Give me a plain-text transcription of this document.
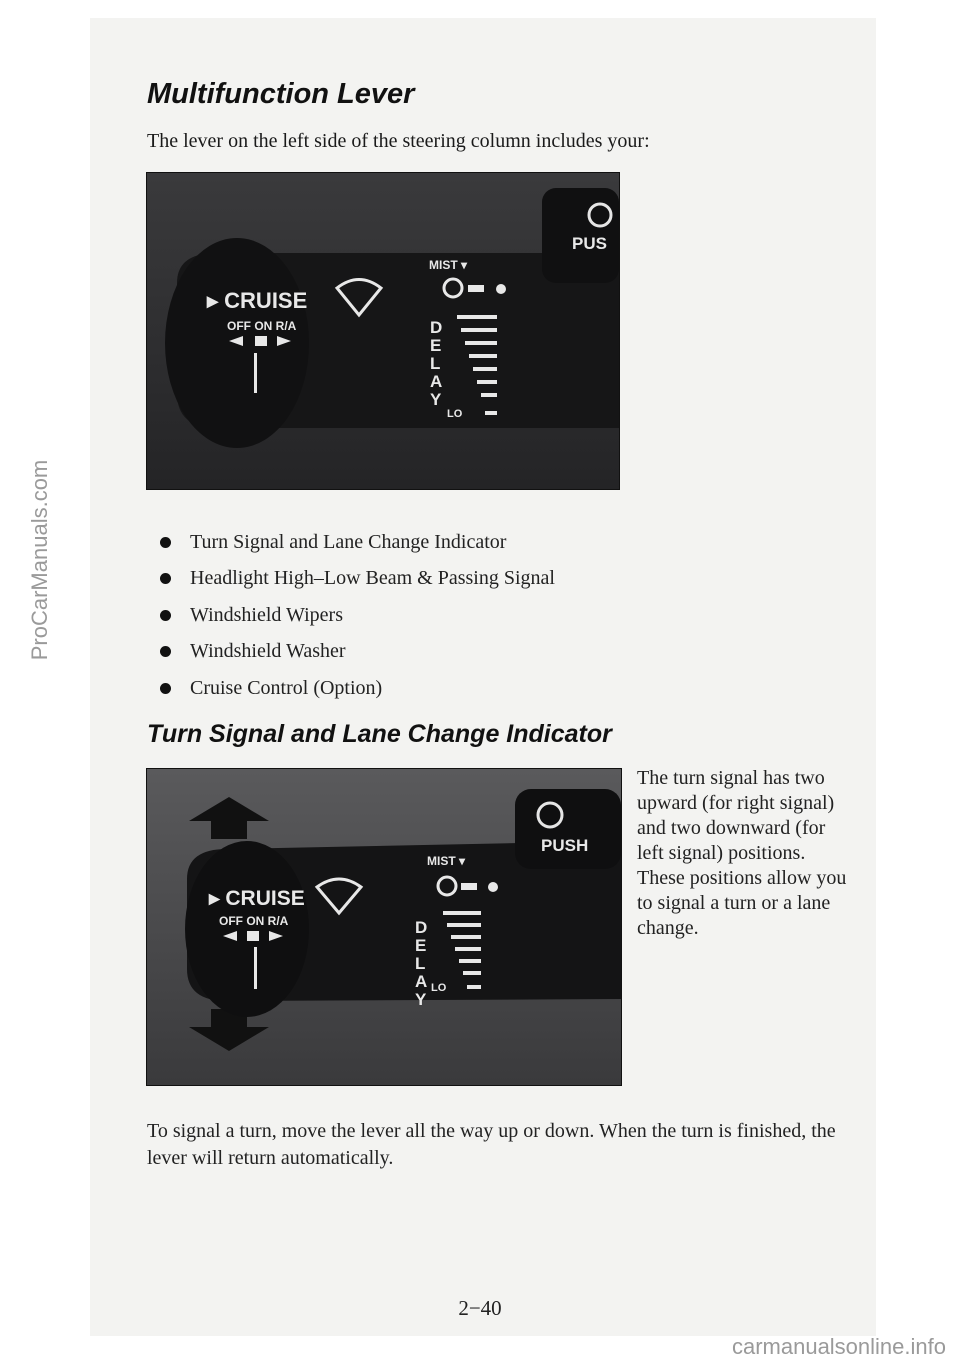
ProCarManuals.com
Multifunction Lever

The lever on the left side of the steering column includes your:

PUS
▸ CRUISE
OFF ON R/A
MIST ▾
D
E
L
A
Y
LO
Turn Signal and Lane Change Indicator
Headlight High–Low Beam & Passing Signal
Windshield Wipers
Windshield Washer
Cruise Control (Option)
Turn Signal and Lane Change Indicator
PUSH
▸ CRUISE
OFF ON R/A
MIST ▾
D
E
L
A
Y
LO

The turn signal has two upward (for right signal) and two downward (for left signal) positions. These positions allow you to signal a turn or a lane change.

To signal a turn, move the lever all the way up or down. When the turn is finished, the lever will return automatically.

2−40
carmanualsonline.info
